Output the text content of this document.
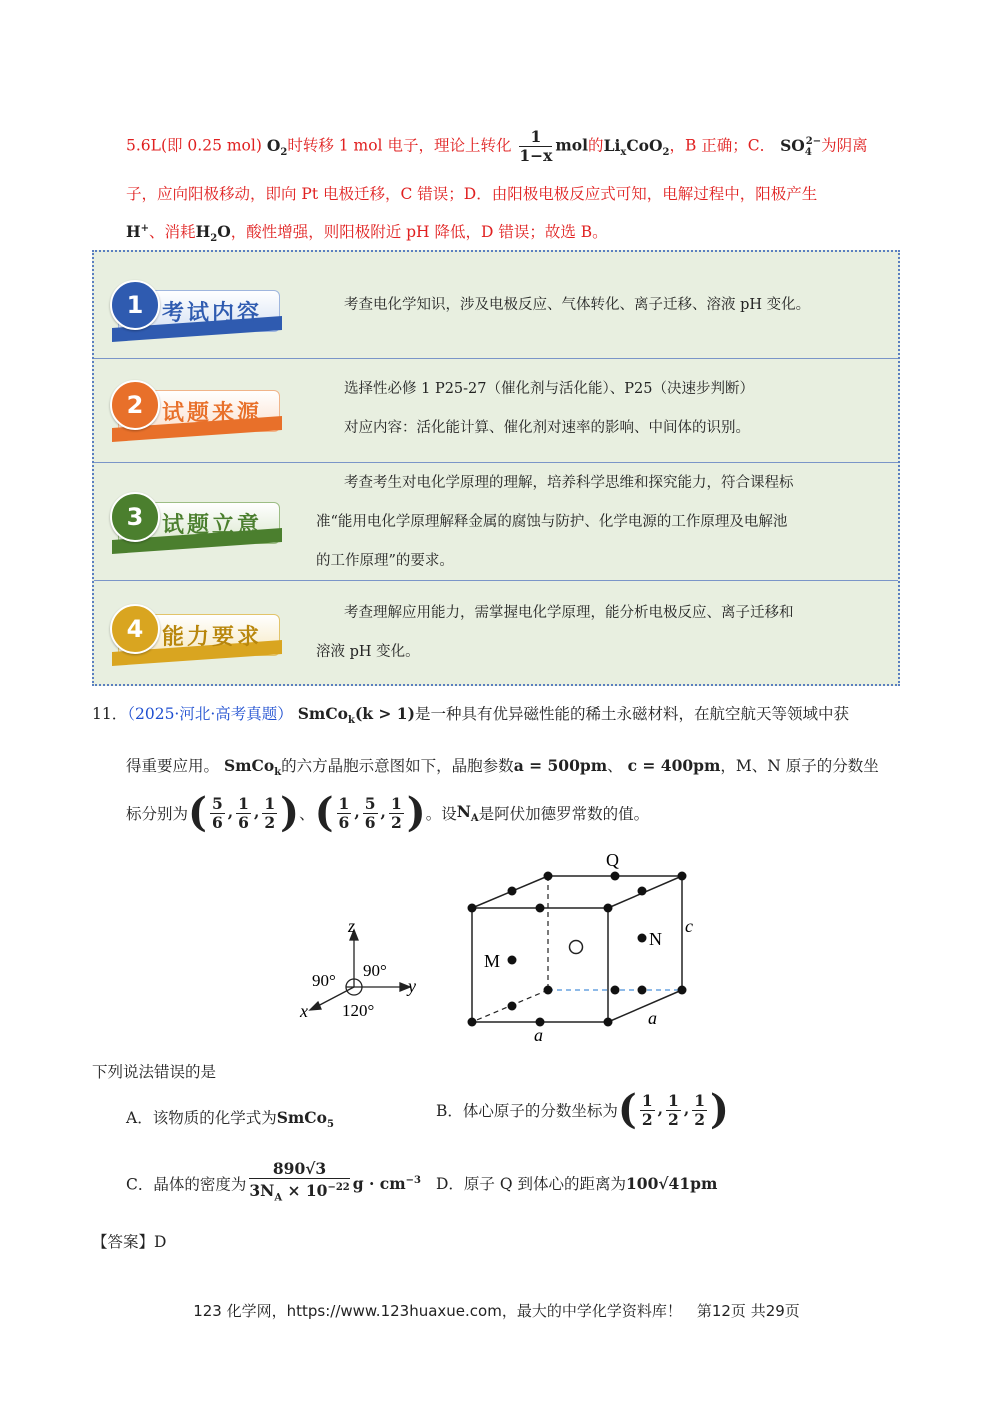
5.6L(即 0.25 mol) $O_2$时转移 1 mol 电子，理论上转化 $\frac{1}{1-x}$ mol的$Li_xCoO_2$，B 正确；C． $SO_4^{2-}$为阴离
子，应向阳极移动，即向 Pt 电极迁移，C 错误；D．由阳极电极反应式可知，电解过程中，阳极产生
H+、消耗$H_2O$，酸性增强，则阳极附近 pH 降低，D 错误；故选 B。
1 考试内容	考查电化学知识，涉及电极反应、气体转化、离子迁移、溶液 pH 变化。
2 试题来源
选择性必修 1 P25-27（催化剂与活化能）、P25（决速步判断）
对应内容：活化能计算、催化剂对速率的影响、中间体的识别。
3 试题立意
考查考生对电化学原理的理解，培养科学思维和探究能力，符合课程标
准“能用电化学原理解释金属的腐蚀与防护、化学电源的工作原理及电解池
的工作原理”的要求。
4 能力要求
考查理解应用能力，需掌握电化学原理，能分析电极反应、离子迁移和
溶液 pH 变化。
11．（2025·河北·高考真题） SmCo$_k$(k > 1)是一种具有优异磁性能的稀土永磁材料，在航空航天等领域中获
得重要应用。 SmCo$_k$的六方晶胞示意图如下，晶胞参数a = 500pm、 c = 400pm，M、N 原子的分数坐
标分别为( $\frac{5}{6}$ , $\frac{1}{6}$ , $\frac{1}{2}$ )、( $\frac{1}{6}$ , $\frac{5}{6}$ , $\frac{1}{2}$ )。设$N_A$是阿伏加德罗常数的值。
z
y
x
90°
90°
120°
Q
M
N
c
a
a
下列说法错误的是
A．该物质的化学式为SmCo$_5$
B．体心原子的分数坐标为( $\frac{1}{2}$ , $\frac{1}{2}$ , $\frac{1}{2}$ )
C．晶体的密度为 $\frac{890√3}{3N_A \times 10^{-22}}$ $g \cdot cm^{-3}$ D．原子 Q 到体心的距离为100√41pm
【答案】D
123 化学网，https://www.123huaxue.com，最大的中学化学资料库！　第12页 共29页
